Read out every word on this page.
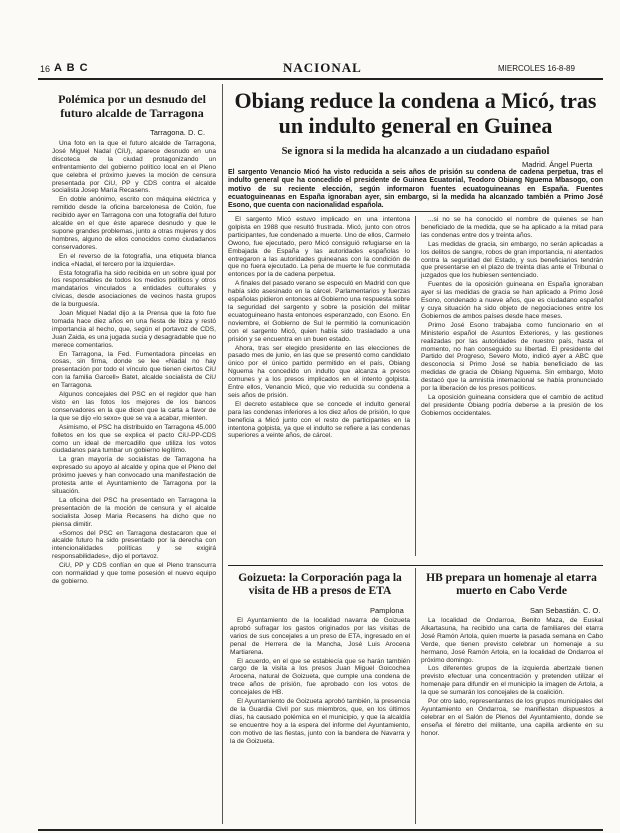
16 A B C	NACIONAL	MIERCOLES 16-8-89
Polémica por un desnudo del futuro alcalde de Tarragona
Tarragona. D. C.

Una foto en la que el futuro alcalde de Tarragona, José Miguel Nadal (CiU), aparece desnudo en una discoteca de la ciudad protagonizando un enfrentamiento del gobierno político local en el Pleno que celebra el próximo jueves la moción de censura presentada por CiU, PP y CDS contra el alcalde socialista Josep María Recasens.

En doble anónimo, escrito con máquina eléctrica y remitido desde la oficina barcelonesa de Colón, fue recibido ayer en Tarragona con una fotografía del futuro alcalde en el que éste aparece desnudo y que le supone grandes problemas, junto a otras mujeres y dos hombres, alguno de ellos conocidos como ciudadanos conservadores.

En el reverso de la fotografía, una etiqueta blanca indica «Nadal, el tercero por la izquierda».

Esta fotografía ha sido recibida en un sobre igual por los responsables de todos los medios políticos y otros mandatarios vinculados a entidades culturales y cívicas, desde asociaciones de vecinos hasta grupos de la burguesía.

Joan Miquel Nadal dijo a la Prensa que la foto fue tomada hace diez años en una fiesta de Ibiza y restó importancia al hecho, que, según el portavoz de CDS, Juan Zaida, es una jugada sucia y desagradable que no merece comentarios.

En Tarragona, la Fed. Fumentadora pincelas en cosas, sin firma, donde se lee «Nadal no hay presentación por todo el vínculo que tienen ciertos CiU con la familia Garcell» Batet, alcalde socialista de CiU en Tarragona.

Algunos concejales del PSC en el regidor que han visto en las fotos los mejores de los bancos conservadores en la que dicen que la carta a favor de la que se dijo «lo sexo» que se va a acabar, mienten.

Asimismo, el PSC ha distribuido en Tarragona 45.000 folletos en los que se explica el pacto CiU-PP-CDS como un ideal de mercadillo que utiliza los votos ciudadanos para tumbar un gobierno legítimo.

La gran mayoría de socialistas de Tarragona ha expresado su apoyo al alcalde y opina que el Pleno del próximo jueves y han convocado una manifestación de protesta ante el Ayuntamiento de Tarragona por la situación.

La oficina del PSC ha presentado en Tarragona la presentación de la moción de censura y el alcalde socialista Josep Maria Recasens ha dicho que no piensa dimitir.

«Somos del PSC en Tarragona destacaron que el alcalde futuro ha sido presentado por la derecha con intencionalidades políticas y se exigirá responsabilidades», dijo el portavoz.

CiU, PP y CDS confían en que el Pleno transcurra con normalidad y que tome posesión el nuevo equipo de gobierno.

Obiang reduce la condena a Micó, tras un indulto general en Guinea
Se ignora si la medida ha alcanzado a un ciudadano español
Madrid. Ángel Puerta
El sargento Venancio Micó ha visto reducida a seis años de prisión su condena de cadena perpetua, tras el indulto general que ha concedido el presidente de Guinea Ecuatorial, Teodoro Obiang Nguema Mbasogo, con motivo de su reciente elección, según informaron fuentes ecuatoguineanas en España. Fuentes ecuatoguineanas en España ignoraban ayer, sin embargo, si la medida ha alcanzado también a Primo José Esono, que cuenta con nacionalidad española.

El sargento Micó estuvo implicado en una intentona golpista en 1988 que resultó frustrada. Micó, junto con otros participantes, fue condenado a muerte. Uno de ellos, Carmelo Owono, fue ejecutado, pero Micó consiguió refugiarse en la Embajada de España y las autoridades españolas lo entregaron a las autoridades guineanas con la condición de que no fuera ejecutado. La pena de muerte le fue conmutada entonces por la de cadena perpetua.

A finales del pasado verano se especuló en Madrid con que había sido asesinado en la cárcel. Parlamentarios y fuerzas españolas pidieron entonces al Gobierno una respuesta sobre la seguridad del sargento y sobre la posición del militar ecuatoguineano hasta entonces esperanzado, con Esono. En noviembre, el Gobierno de Sul le permitió la comunicación con el sargento Micó, quien había sido trasladado a una prisión y se encuentra en un buen estado.

Ahora, tras ser elegido presidente en las elecciones de pasado mes de junio, en las que se presentó como candidato único por el único partido permitido en el país, Obiang Nguema ha concedido un indulto que alcanza a presos comunes y a los presos implicados en el intento golpista. Entre ellos, Venancio Micó, que vio reducida su condena a seis años de prisión.

El decreto establece que se concede el indulto general para las condenas inferiores a los diez años de prisión, lo que beneficia a Micó junto con el resto de participantes en la intentona golpista, ya que el indulto se refiere a las condenas superiores a veinte años, de cárcel.

...si no se ha conocido el nombre de quienes se han beneficiado de la medida, que se ha aplicado a la mitad para las condenas entre dos y treinta años.

Las medidas de gracia, sin embargo, no serán aplicadas a los delitos de sangre, robos de gran importancia, ni atentados contra la seguridad del Estado, y sus beneficiarios tendrán que presentarse en el plazo de treinta días ante el Tribunal o juzgados que los hubiesen sentenciado.

Fuentes de la oposición guineana en España ignoraban ayer si las medidas de gracia se han aplicado a Primo José Esono, condenado a nueve años, que es ciudadano español y cuya situación ha sido objeto de negociaciones entre los Gobiernos de ambos países desde hace meses.

Primo José Esono trabajaba como funcionario en el Ministerio español de Asuntos Exteriores, y las gestiones realizadas por las autoridades de nuestro país, hasta el momento, no han conseguido su libertad. El presidente del Partido del Progreso, Severo Moto, indicó ayer a ABC que desconocía si Primo José se había beneficiado de las medidas de gracia de Obiang Nguema. Sin embargo, Moto destacó que la amnistía internacional se había pronunciado por la liberación de los presos políticos.

La oposición guineana considera que el cambio de actitud del presidente Obiang podría deberse a la presión de los Gobiernos occidentales.

Goizueta: la Corporación paga la visita de HB a presos de ETA
Pamplona

El Ayuntamiento de la localidad navarra de Goizueta aprobó sufragar los gastos originados por las visitas de varios de sus concejales a un preso de ETA, ingresado en el penal de Herrera de la Mancha, José Luis Arocena Martiarena.

El acuerdo, en el que se establecía que se harán también cargo de la visita a los presos Juan Miguel Goicochea Arocena, natural de Goizueta, que cumple una condena de trece años de prisión, fue aprobado con los votos de concejales de HB.

El Ayuntamiento de Goizueta aprobó también, la presencia de la Guardia Civil por sus miembros, que, en los últimos días, ha causado polémica en el municipio, y que la alcaldía se encuentre hoy a la espera del informe del Ayuntamiento, con motivo de las fiestas, junto con la bandera de Navarra y la de Goizueta.

HB prepara un homenaje al etarra muerto en Cabo Verde
San Sebastián. C. O.

La localidad de Ondarroa, Benito Maza, de Euskal Alkartasuna, ha recibido una carta de familiares del etarra José Ramón Artola, quien muerte la pasada semana en Cabo Verde, que tienen previsto celebrar un homenaje a su hermano, José Ramón Artola, en la localidad de Ondarroa el próximo domingo.

Los diferentes grupos de la izquierda abertzale tienen previsto efectuar una concentración y pretenden utilizar el homenaje para difundir en el municipio la imagen de Artola, a la que se sumarán los concejales de la coalición.

Por otro lado, representantes de los grupos municipales del Ayuntamiento en Ondarroa, se manifiestan dispuestos a celebrar en el Salón de Plenos del Ayuntamiento, donde se enseña el féretro del militante, una capilla ardiente en su honor.
